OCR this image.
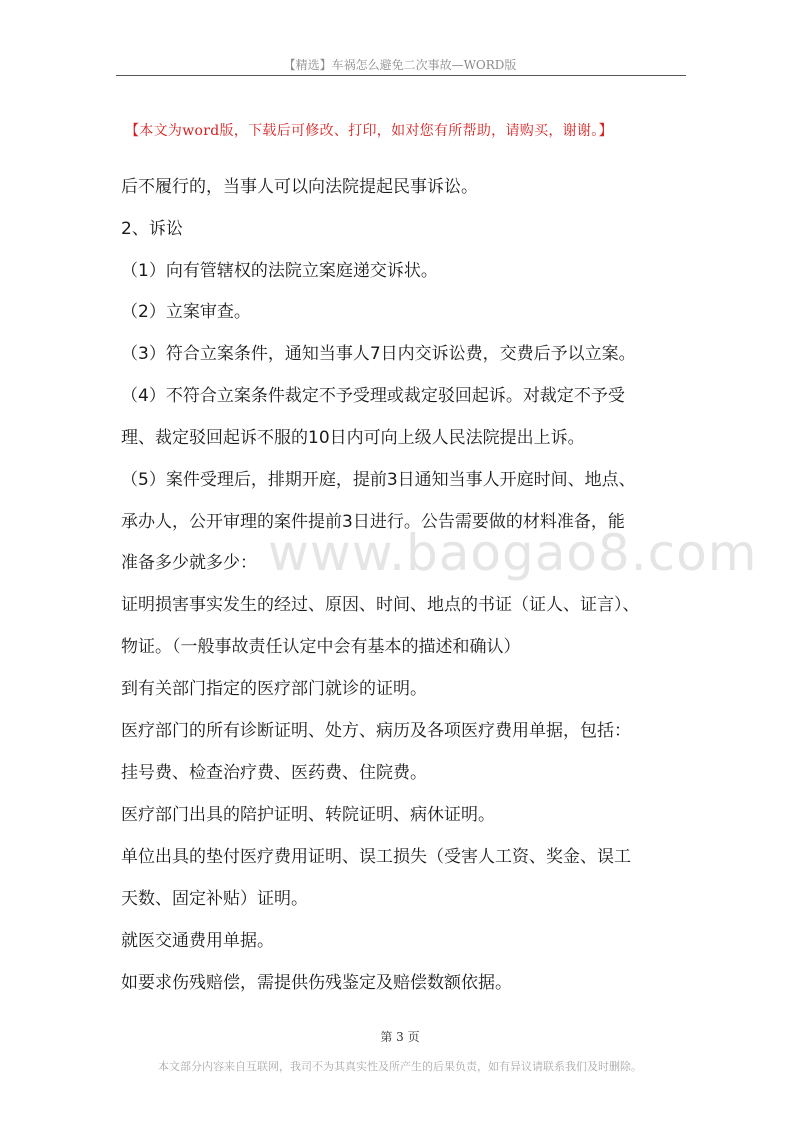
【精选】车祸怎么避免二次事故—WORD版
【本文为word版，下载后可修改、打印，如对您有所帮助，请购买，谢谢。】
后不履行的，当事人可以向法院提起民事诉讼。
2、诉讼
（1）向有管辖权的法院立案庭递交诉状。
（2）立案审查。
（3）符合立案条件，通知当事人7日内交诉讼费，交费后予以立案。
（4）不符合立案条件裁定不予受理或裁定驳回起诉。对裁定不予受
理、裁定驳回起诉不服的10日内可向上级人民法院提出上诉。
（5）案件受理后，排期开庭，提前3日通知当事人开庭时间、地点、
承办人，公开审理的案件提前3日进行。公告需要做的材料准备，能
准备多少就多少：
证明损害事实发生的经过、原因、时间、地点的书证（证人、证言）、
物证。（一般事故责任认定中会有基本的描述和确认）
到有关部门指定的医疗部门就诊的证明。
医疗部门的所有诊断证明、处方、病历及各项医疗费用单据，包括：
挂号费、检查治疗费、医药费、住院费。
医疗部门出具的陪护证明、转院证明、病休证明。
单位出具的垫付医疗费用证明、误工损失（受害人工资、奖金、误工
天数、固定补贴）证明。
就医交通费用单据。
如要求伤残赔偿，需提供伤残鉴定及赔偿数额依据。
www.baogao8.com
第 3 页
本文部分内容来自互联网，我司不为其真实性及所产生的后果负责，如有异议请联系我们及时删除。
